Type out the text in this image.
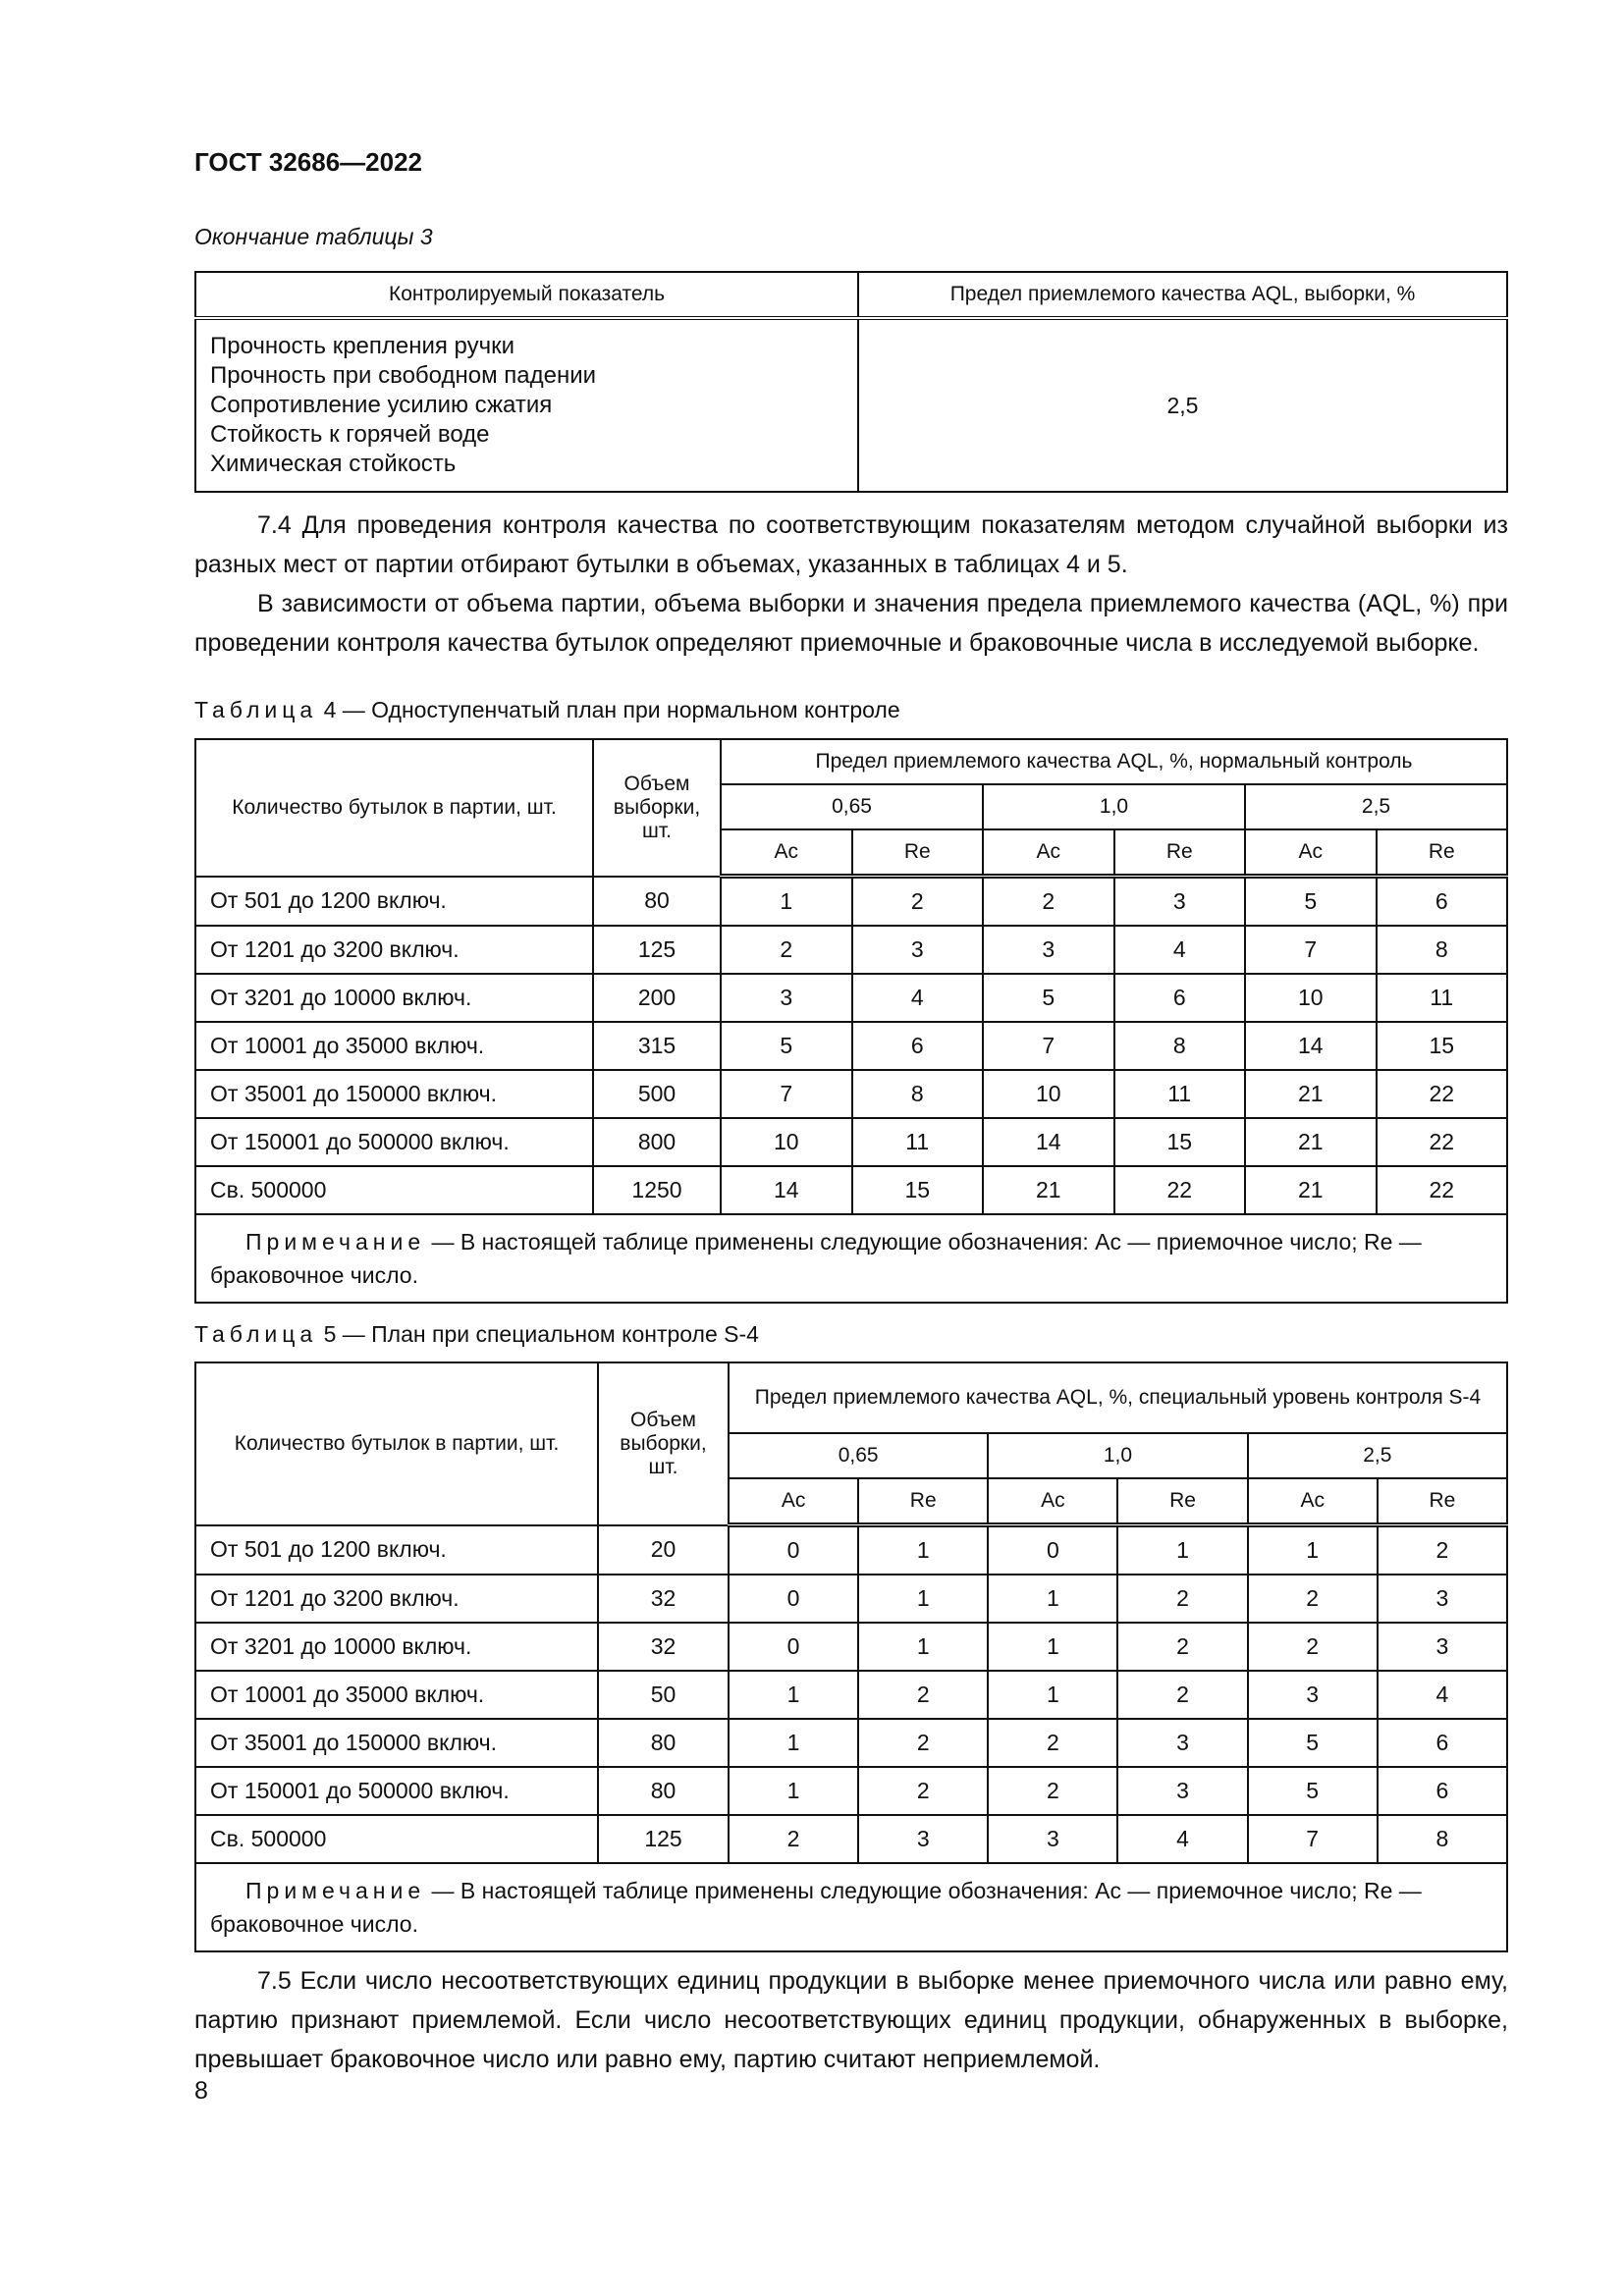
ГОСТ 32686—2022
Окончание таблицы 3
Контролируемый показатель	Предел приемлемого качества AQL, выборки, %

Прочность крепления ручки
Прочность при свободном падении
Сопротивление усилию сжатия
Стойкость к горячей воде
Химическая стойкость	2,5
7.4 Для проведения контроля качества по соответствующим показателям методом случайной выборки из разных мест от партии отбирают бутылки в объемах, указанных в таблицах 4 и 5.
В зависимости от объема партии, объема выборки и значения предела приемлемого качества (AQL, %) при проведении контроля качества бутылок определяют приемочные и браковочные числа в исследуемой выборке.
Таблица 4 — Одноступенчатый план при нормальном контроле
Количество бутылок в партии, шт.	Объем выборки, шт.	Предел приемлемого качества AQL, %, нормальный контроль					
		0,65		1,0		2,5	
		Ac	Re	Ac	Re	Ac	Re
От 501 до 1200 включ.	80	1	2	2	3	5	6
От 1201 до 3200 включ.	125	2	3	3	4	7	8
От 3201 до 10000 включ.	200	3	4	5	6	10	11
От 10001 до 35000 включ.	315	5	6	7	8	14	15
От 35001 до 150000 включ.	500	7	8	10	11	21	22
От 150001 до 500000 включ.	800	10	11	14	15	21	22
Св. 500000	1250	14	15	21	22	21	22
Примечание — В настоящей таблице применены следующие обозначения: Ac — приемочное число; Re — браковочное число.							
Таблица 5 — План при специальном контроле S-4
Количество бутылок в партии, шт.	Объем выборки, шт.	Предел приемлемого качества AQL, %, специальный уровень контроля S-4					
		0,65		1,0		2,5	
		Ac	Re	Ac	Re	Ac	Re
От 501 до 1200 включ.	20	0	1	0	1	1	2
От 1201 до 3200 включ.	32	0	1	1	2	2	3
От 3201 до 10000 включ.	32	0	1	1	2	2	3
От 10001 до 35000 включ.	50	1	2	1	2	3	4
От 35001 до 150000 включ.	80	1	2	2	3	5	6
От 150001 до 500000 включ.	80	1	2	2	3	5	6
Св. 500000	125	2	3	3	4	7	8
Примечание — В настоящей таблице применены следующие обозначения: Ac — приемочное число; Re — браковочное число.							
7.5 Если число несоответствующих единиц продукции в выборке менее приемочного числа или равно ему, партию признают приемлемой. Если число несоответствующих единиц продукции, обнаруженных в выборке, превышает браковочное число или равно ему, партию считают неприемлемой.
8
